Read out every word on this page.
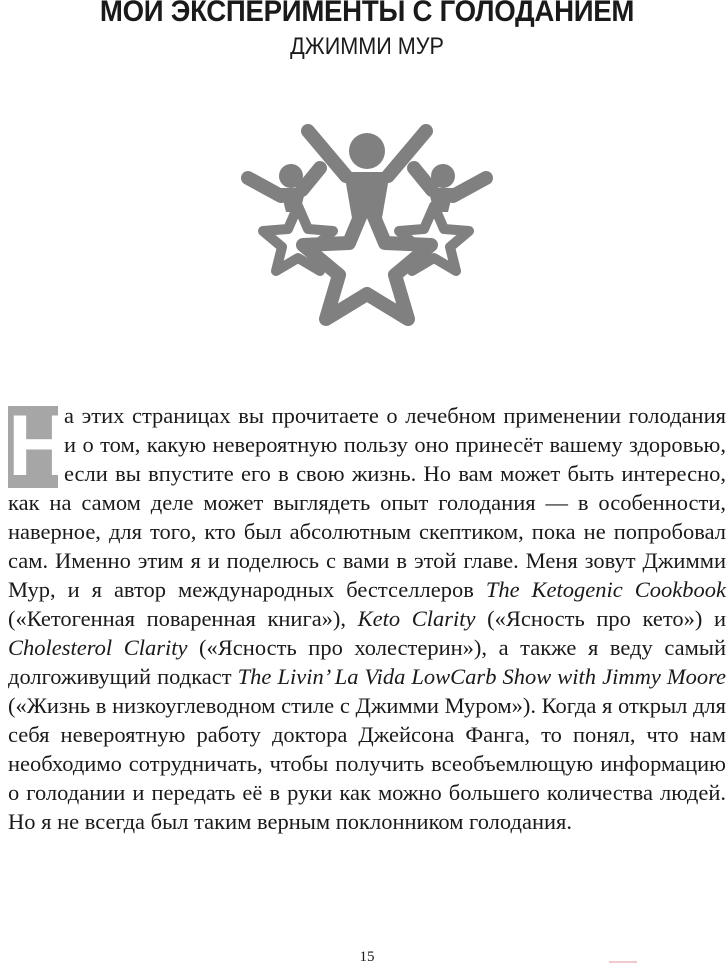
МОИ ЭКСПЕРИМЕНТЫ С ГОЛОДАНИЕМ
ДЖИММИ МУР
Н
а этих страницах вы прочитаете о лечебном применении голодания и о том, какую невероятную пользу оно принесёт вашему здоровью, если вы впустите его в свою жизнь. Но вам может быть интересно, как на самом деле может выглядеть опыт голодания — в особенности, наверное, для того, кто был абсолютным скептиком, пока не попробовал сам. Именно этим я и поделюсь с вами в этой главе. Меня зовут Джимми Мур, и я автор международных бестселлеров The Ketogenic Cookbook («Кетогенная поваренная книга»), Keto Clarity («Ясность про кето») и Cholesterol Clarity («Ясность про холестерин»), а также я веду самый долгоживущий подкаст The Livin’ La Vida LowCarb Show with Jimmy Moore («Жизнь в низкоуглеводном стиле с Джимми Муром»). Когда я открыл для себя невероятную работу доктора Джейсона Фанга, то понял, что нам необходимо сотрудничать, чтобы получить всеобъемлющую информацию о голодании и передать её в руки как можно большего количества людей. Но я не всегда был таким верным поклонником голодания.
15
